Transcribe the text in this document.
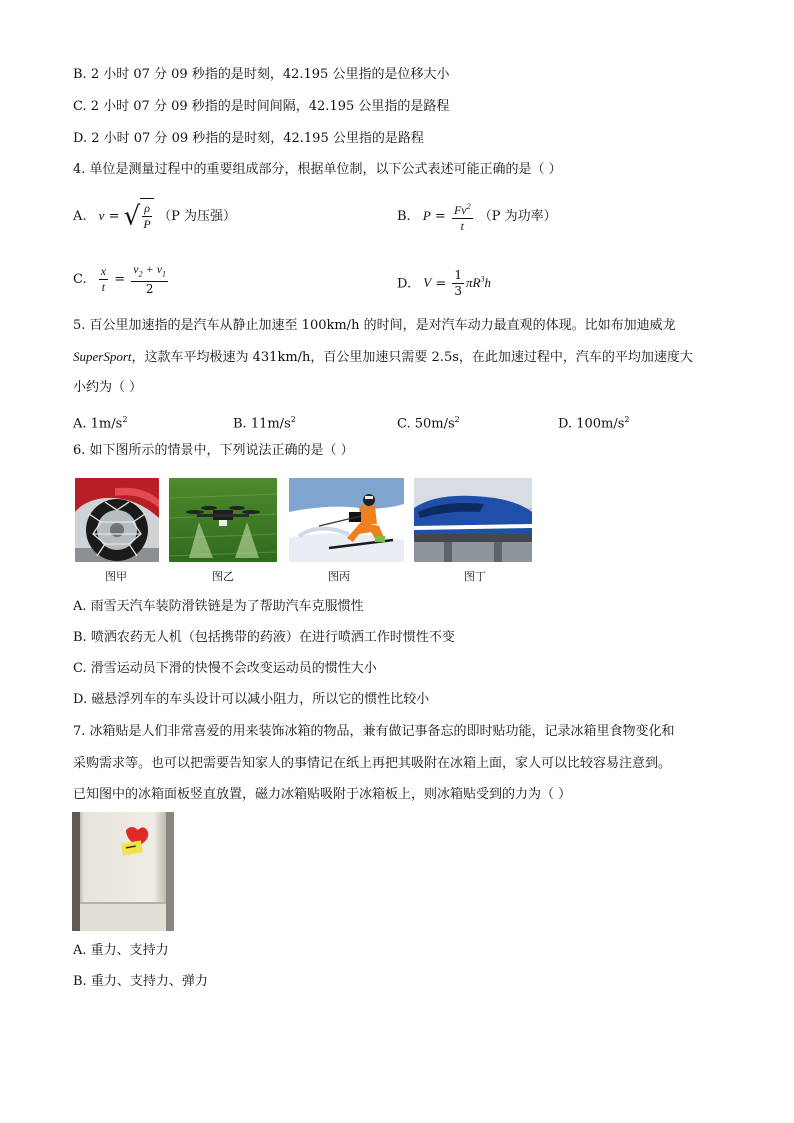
B. 2 小时 07 分 09 秒指的是时刻，42.195 公里指的是位移大小
C. 2 小时 07 分 09 秒指的是时间间隔，42.195 公里指的是路程
D. 2 小时 07 分 09 秒指的是时刻，42.195 公里指的是路程
4. 单位是测量过程中的重要组成部分，根据单位制，以下公式表述可能正确的是（ ）
A. v = √ $\frac{\rho}{P} (P$ 为压强）	B. $P = \frac{Fv^2}{t} (P$ 为功率）
C. $\frac{x}{t} = \frac{v_2 + v_1}{2}$	D. $V = \frac{1}{3} \pi R^3h$
5. 百公里加速指的是汽车从静止加速至 100km/h 的时间，是对汽车动力最直观的体现。比如布加迪威龙
SuperSport，这款车平均极速为 431km/h，百公里加速只需要 2.5s，在此加速过程中，汽车的平均加速度大
小约为（ ）
A. $1m/s^2$	B. $11m/s^2$	C. $50m/s^2$	D. $100m/s^2$
6. 如下图所示的情景中，下列说法正确的是（ ）
图甲	图乙	图丙	图丁
A. 雨雪天汽车装防滑铁链是为了帮助汽车克服惯性
B. 喷洒农药无人机（包括携带的药液）在进行喷洒工作时惯性不变
C. 滑雪运动员下滑的快慢不会改变运动员的惯性大小
D. 磁悬浮列车的车头设计可以减小阻力，所以它的惯性比较小
7. 冰箱贴是人们非常喜爱的用来装饰冰箱的物品，兼有做记事备忘的即时贴功能，记录冰箱里食物变化和
采购需求等。也可以把需要告知家人的事情记在纸上再把其吸附在冰箱上面，家人可以比较容易注意到。
已知图中的冰箱面板竖直放置，磁力冰箱贴吸附于冰箱板上，则冰箱贴受到的力为（ ）
A. 重力、支持力
B. 重力、支持力、弹力
